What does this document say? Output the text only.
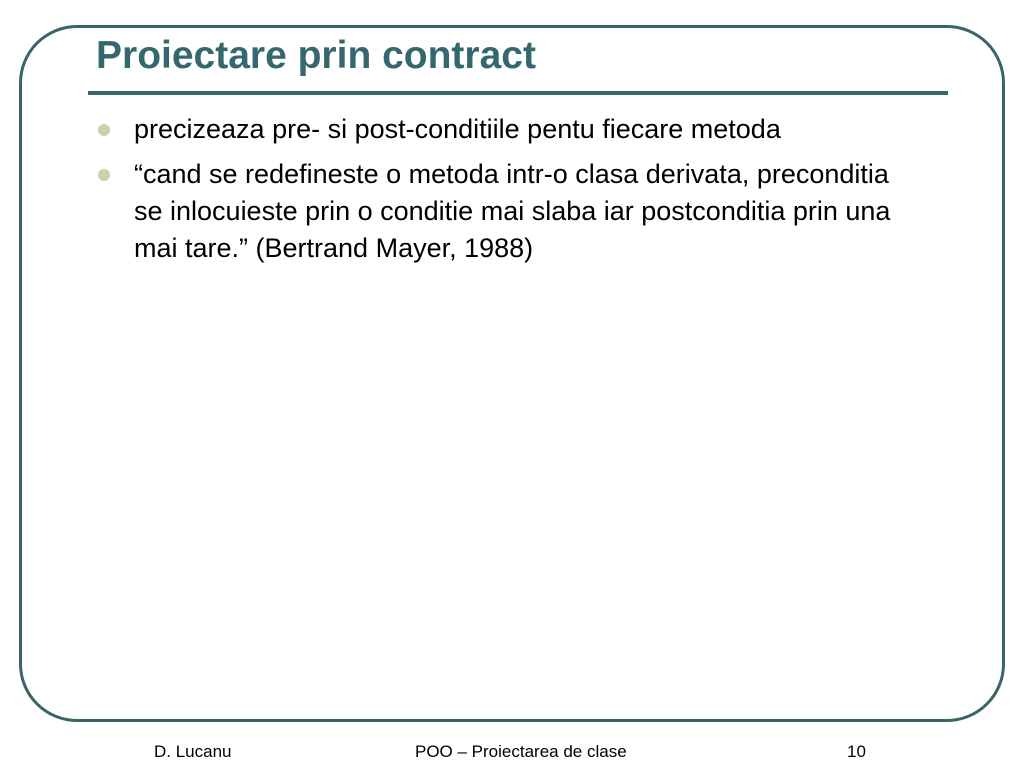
Proiectare prin contract
precizeaza pre- si post-conditiile pentu fiecare metoda
“cand se redefineste o metoda intr-o clasa derivata, preconditia se inlocuieste prin o conditie mai slaba iar postconditia prin una mai tare.” (Bertrand Mayer, 1988)
D. Lucanu	POO – Proiectarea de clase	10
